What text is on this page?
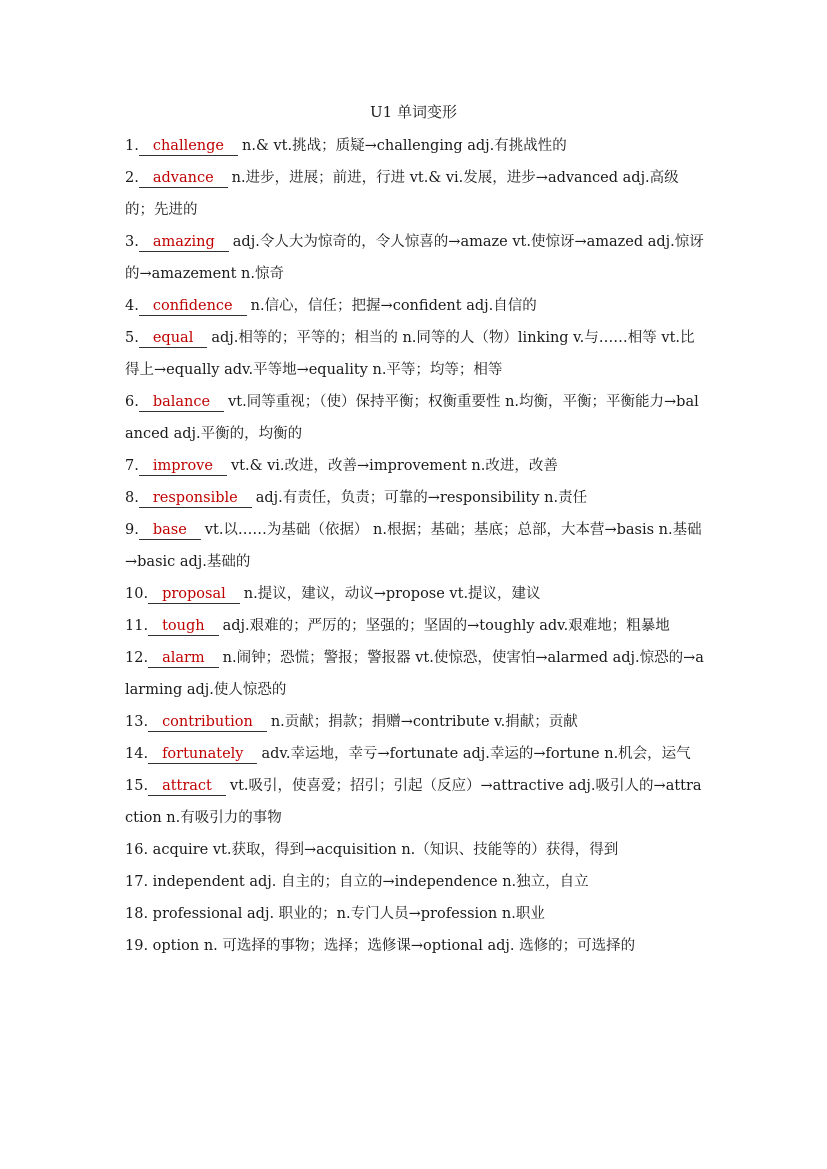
U1 单词变形
1. challenge n.& vt.挑战；质疑→challenging adj.有挑战性的
2. advance n.进步，进展；前进，行进 vt.& vi.发展，进步→advanced adj.高级的；先进的
3. amazing adj.令人大为惊奇的，令人惊喜的→amaze vt.使惊讶→amazed adj.惊讶的→amazement n.惊奇
4. confidence n.信心，信任；把握→confident adj.自信的
5. equal adj.相等的；平等的；相当的 n.同等的人（物）linking v.与……相等 vt.比得上→equally adv.平等地→equality n.平等；均等；相等
6. balance vt.同等重视；（使）保持平衡；权衡重要性 n.均衡，平衡；平衡能力→balanced adj.平衡的，均衡的
7. improve vt.& vi.改进，改善→improvement n.改进，改善
8. responsible adj.有责任，负责；可靠的→responsibility n.责任
9. base vt.以……为基础（依据） n.根据；基础；基底；总部，大本营→basis n.基础→basic adj.基础的
10. proposal n.提议，建议，动议→propose vt.提议，建议
11. tough adj.艰难的；严厉的；坚强的；坚固的→toughly adv.艰难地；粗暴地
12. alarm n.闹钟；恐慌；警报；警报器 vt.使惊恐，使害怕→alarmed adj.惊恐的→alarming adj.使人惊恐的
13. contribution n.贡献；捐款；捐赠→contribute v.捐献；贡献
14. fortunately adv.幸运地，幸亏→fortunate adj.幸运的→fortune n.机会，运气
15. attract vt.吸引，使喜爱；招引；引起（反应）→attractive adj.吸引人的→attraction n.有吸引力的事物
16. acquire vt.获取，得到→acquisition n.（知识、技能等的）获得，得到
17. independent adj. 自主的；自立的→independence n.独立，自立
18. professional adj. 职业的；n.专门人员→profession n.职业
19. option n. 可选择的事物；选择；选修课→optional adj. 选修的；可选择的
